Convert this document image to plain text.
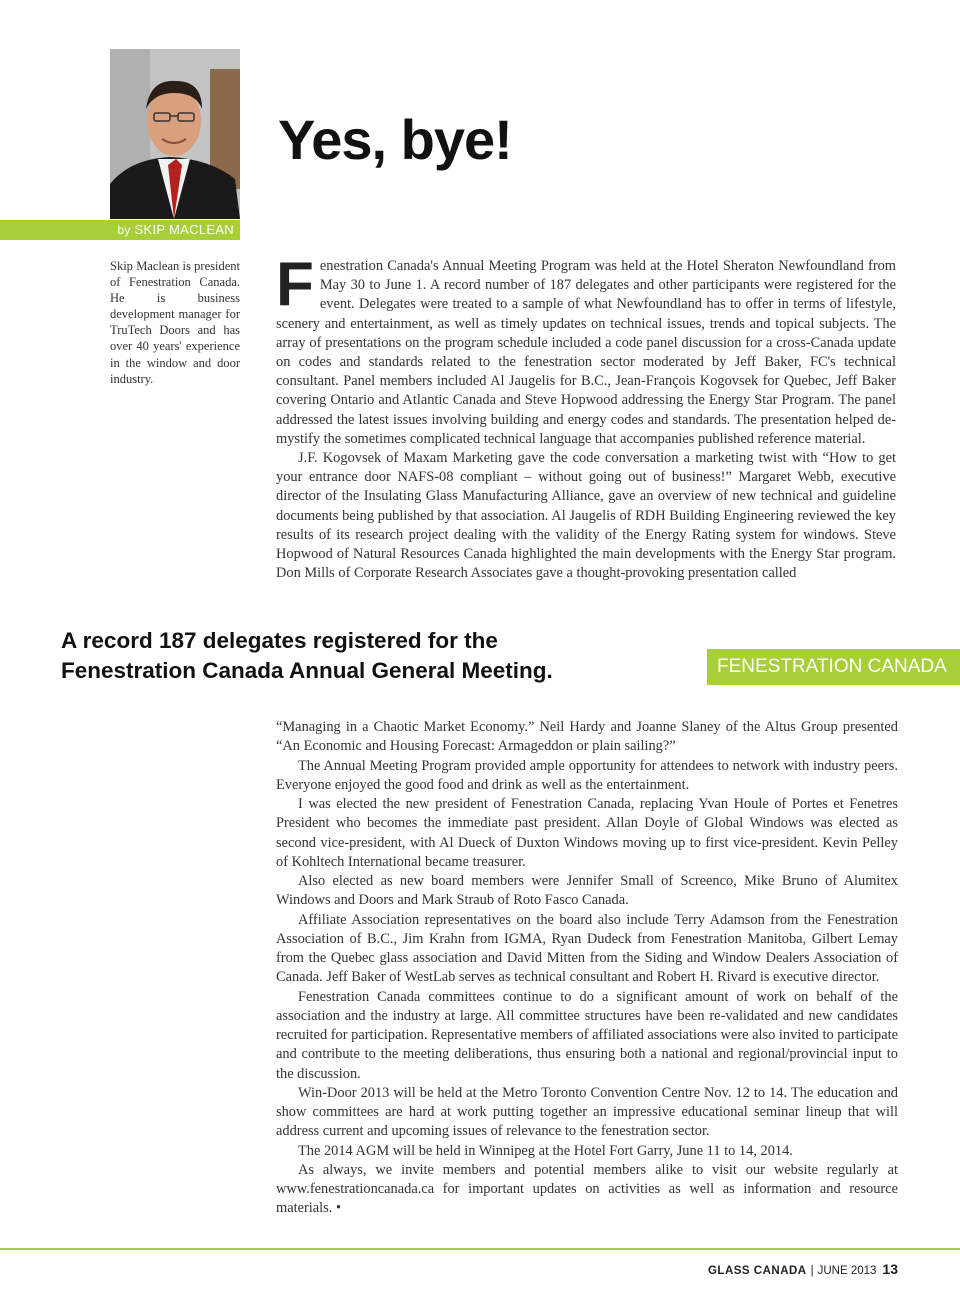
by SKIP MACLEAN
Yes, bye!

Skip Maclean is president of Fenestration Canada. He is business development manager for TruTech Doors and has over 40 years' experience in the window and door industry.

Fenestration Canada's Annual Meeting Program was held at the Hotel Sheraton Newfoundland from May 30 to June 1. A record number of 187 delegates and other participants were registered for the event. Delegates were treated to a sample of what Newfoundland has to offer in terms of lifestyle, scenery and entertainment, as well as timely updates on technical issues, trends and topical subjects. The array of presentations on the program schedule included a code panel discussion for a cross-Canada update on codes and standards related to the fenestration sector moderated by Jeff Baker, FC's technical consultant. Panel members included Al Jaugelis for B.C., Jean-François Kogovsek for Quebec, Jeff Baker covering Ontario and Atlantic Canada and Steve Hopwood addressing the Energy Star Program. The panel addressed the latest issues involving building and energy codes and standards. The presentation helped de-mystify the sometimes complicated technical language that accompanies published reference material.

J.F. Kogovsek of Maxam Marketing gave the code conversation a marketing twist with “How to get your entrance door NAFS-08 compliant – without going out of business!” Margaret Webb, executive director of the Insulating Glass Manufacturing Alliance, gave an overview of new technical and guideline documents being published by that association. Al Jaugelis of RDH Building Engineering reviewed the key results of its research project dealing with the validity of the Energy Rating system for windows. Steve Hopwood of Natural Resources Canada highlighted the main developments with the Energy Star program. Don Mills of Corporate Research Associates gave a thought-provoking presentation called

A record 187 delegates registered for the
Fenestration Canada Annual General Meeting.	FENESTRATION CANADA

“Managing in a Chaotic Market Economy.” Neil Hardy and Joanne Slaney of the Altus Group presented “An Economic and Housing Forecast: Armageddon or plain sailing?”

The Annual Meeting Program provided ample opportunity for attendees to network with industry peers. Everyone enjoyed the good food and drink as well as the entertainment.

I was elected the new president of Fenestration Canada, replacing Yvan Houle of Portes et Fenetres President who becomes the immediate past president. Allan Doyle of Global Windows was elected as second vice-president, with Al Dueck of Duxton Windows moving up to first vice-president. Kevin Pelley of Kohltech International became treasurer.

Also elected as new board members were Jennifer Small of Screenco, Mike Bruno of Alumitex Windows and Doors and Mark Straub of Roto Fasco Canada.

Affiliate Association representatives on the board also include Terry Adamson from the Fenestration Association of B.C., Jim Krahn from IGMA, Ryan Dudeck from Fenestration Manitoba, Gilbert Lemay from the Quebec glass association and David Mitten from the Siding and Window Dealers Association of Canada. Jeff Baker of WestLab serves as technical consultant and Robert H. Rivard is executive director.

Fenestration Canada committees continue to do a significant amount of work on behalf of the association and the industry at large. All committee structures have been re-validated and new candidates recruited for participation. Representative members of affiliated associations were also invited to participate and contribute to the meeting deliberations, thus ensuring both a national and regional/provincial input to the discussion.

Win-Door 2013 will be held at the Metro Toronto Convention Centre Nov. 12 to 14. The education and show committees are hard at work putting together an impressive educational seminar lineup that will address current and upcoming issues of relevance to the fenestration sector.

The 2014 AGM will be held in Winnipeg at the Hotel Fort Garry, June 11 to 14, 2014.

As always, we invite members and potential members alike to visit our website regularly at www.fenestrationcanada.ca for important updates on activities as well as information and resource materials. •

GLASS CANADA | JUNE 2013 13
